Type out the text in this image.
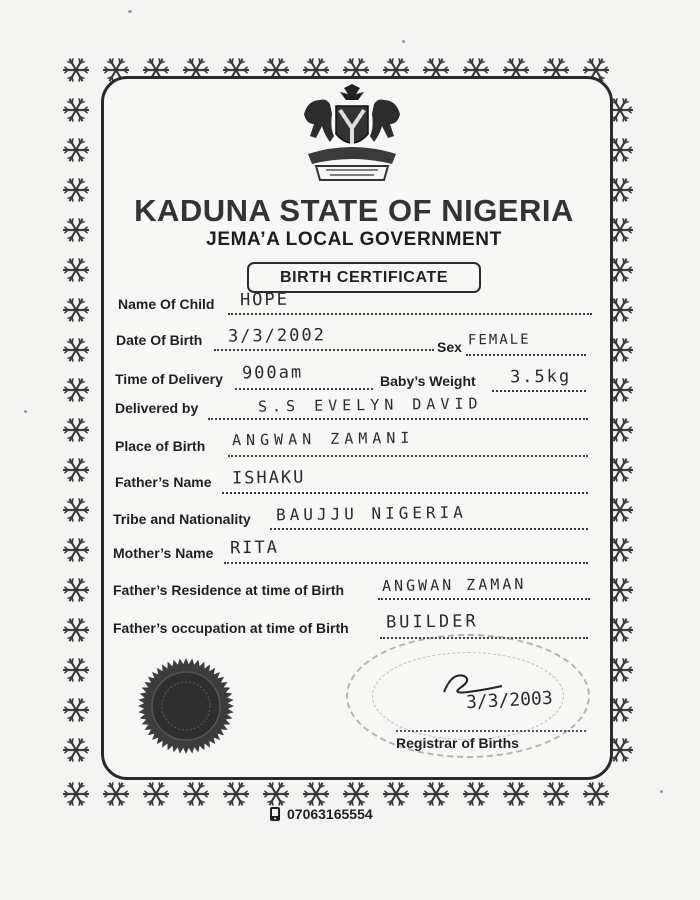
KADUNA STATE OF NIGERIA
JEMA’A LOCAL GOVERNMENT
BIRTH CERTIFICATE
Name Of Child HOPE
Date Of Birth 3/3/2002
Sex FEMALE
Time of Delivery 900am	Baby’s Weight 3.5kg
Delivered by	S.S EVELYN DAVID
Place of Birth ANGWAN ZAMANI
Father’s Name ISHAKU
Tribe and Nationality BAUJJU NIGERIA
Mother’s Name RITA
Father’s Residence at time of Birth	ANGWAN ZAMAN
Father’s occupation at time of Birth BUILDER
3/3/2003
Registrar of Births
07063165554
